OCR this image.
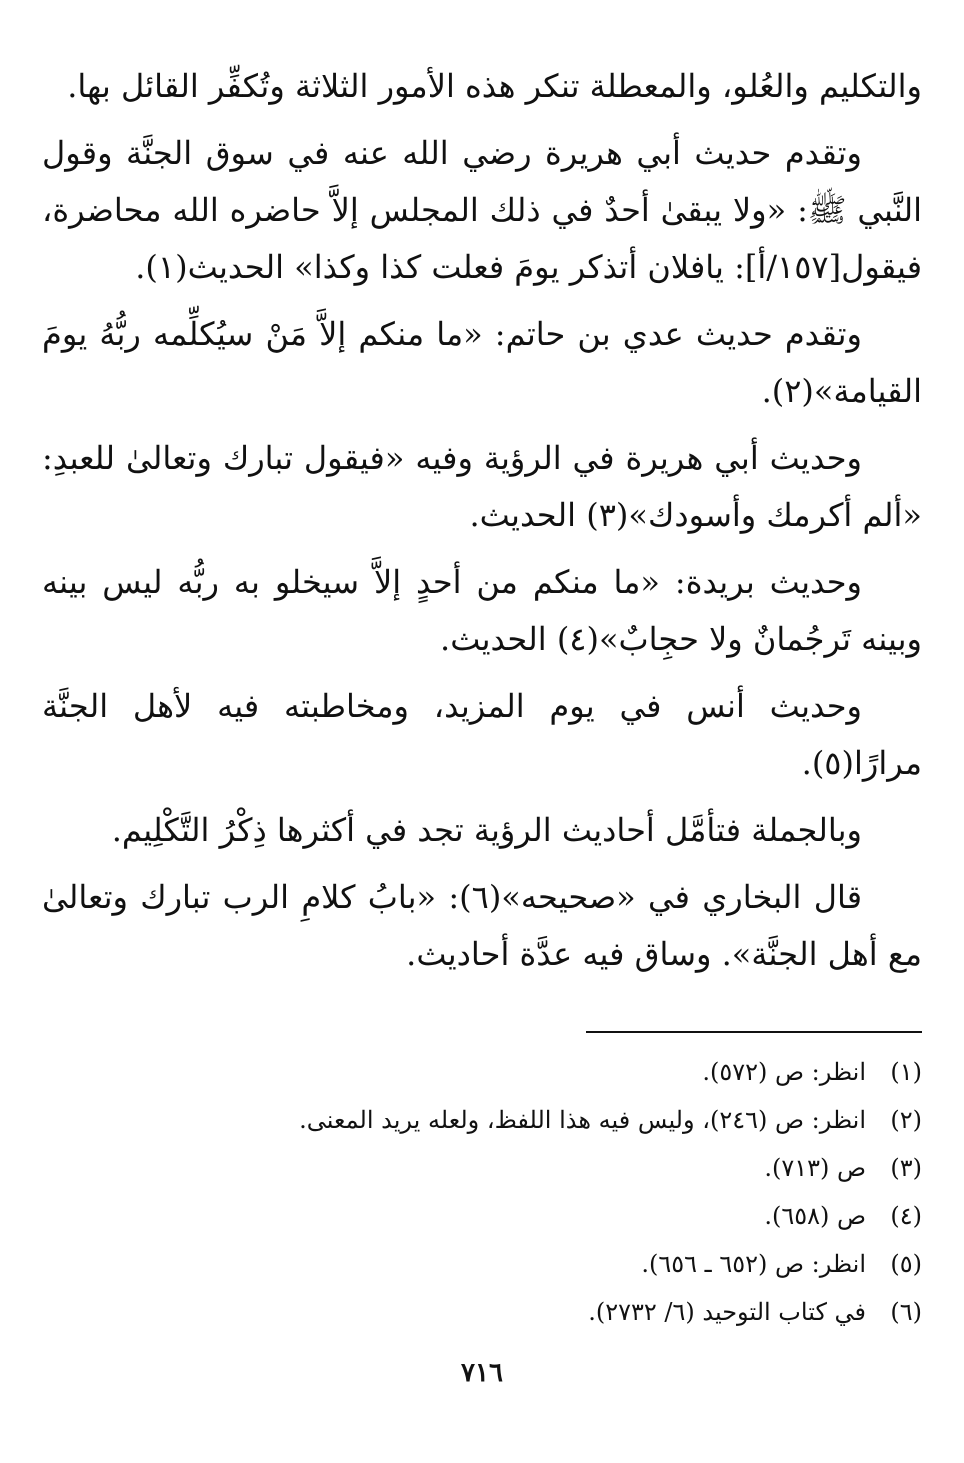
والتكليم والعُلو، والمعطلة تنكر هذه الأمور الثلاثة وتُكفِّر القائل بها.

وتقدم حديث أبي هريرة رضي الله عنه في سوق الجنَّة وقول النَّبي ﷺ: «ولا يبقىٰ أحدٌ في ذلك المجلس إلاَّ حاضره الله محاضرة، فيقول[١٥٧/أ]: يافلان أتذكر يومَ فعلت كذا وكذا» الحديث(١).

وتقدم حديث عدي بن حاتم: «ما منكم إلاَّ مَنْ سيُكلِّمه ربُّهُ يومَ القيامة»(٢).

وحديث أبي هريرة في الرؤية وفيه «فيقول تبارك وتعالىٰ للعبدِ: «ألم أكرمك وأسودك»(٣) الحديث.

وحديث بريدة: «ما منكم من أحدٍ إلاَّ سيخلو به ربُّه ليس بينه وبينه تَرجُمانٌ ولا حجِابٌ»(٤) الحديث.

وحديث أنس في يوم المزيد، ومخاطبته فيه لأهل الجنَّة مرارًا(٥).

وبالجملة فتأمَّل أحاديث الرؤية تجد في أكثرها ذِكْرُ التَّكْلِيم.

قال البخاري في «صحيحه»(٦): «بابُ كلامِ الرب تبارك وتعالىٰ مع أهل الجنَّة». وساق فيه عدَّة أحاديث.

(١)
انظر: ص (٥٧٢).
(٢)
انظر: ص (٢٤٦)، وليس فيه هذا اللفظ، ولعله يريد المعنى.
(٣)
ص (٧١٣).
(٤)
ص (٦٥٨).
(٥)
انظر: ص (٦٥٢ ـ ٦٥٦).
(٦)
في كتاب التوحيد (٦/ ٢٧٣٢).
٧١٦
